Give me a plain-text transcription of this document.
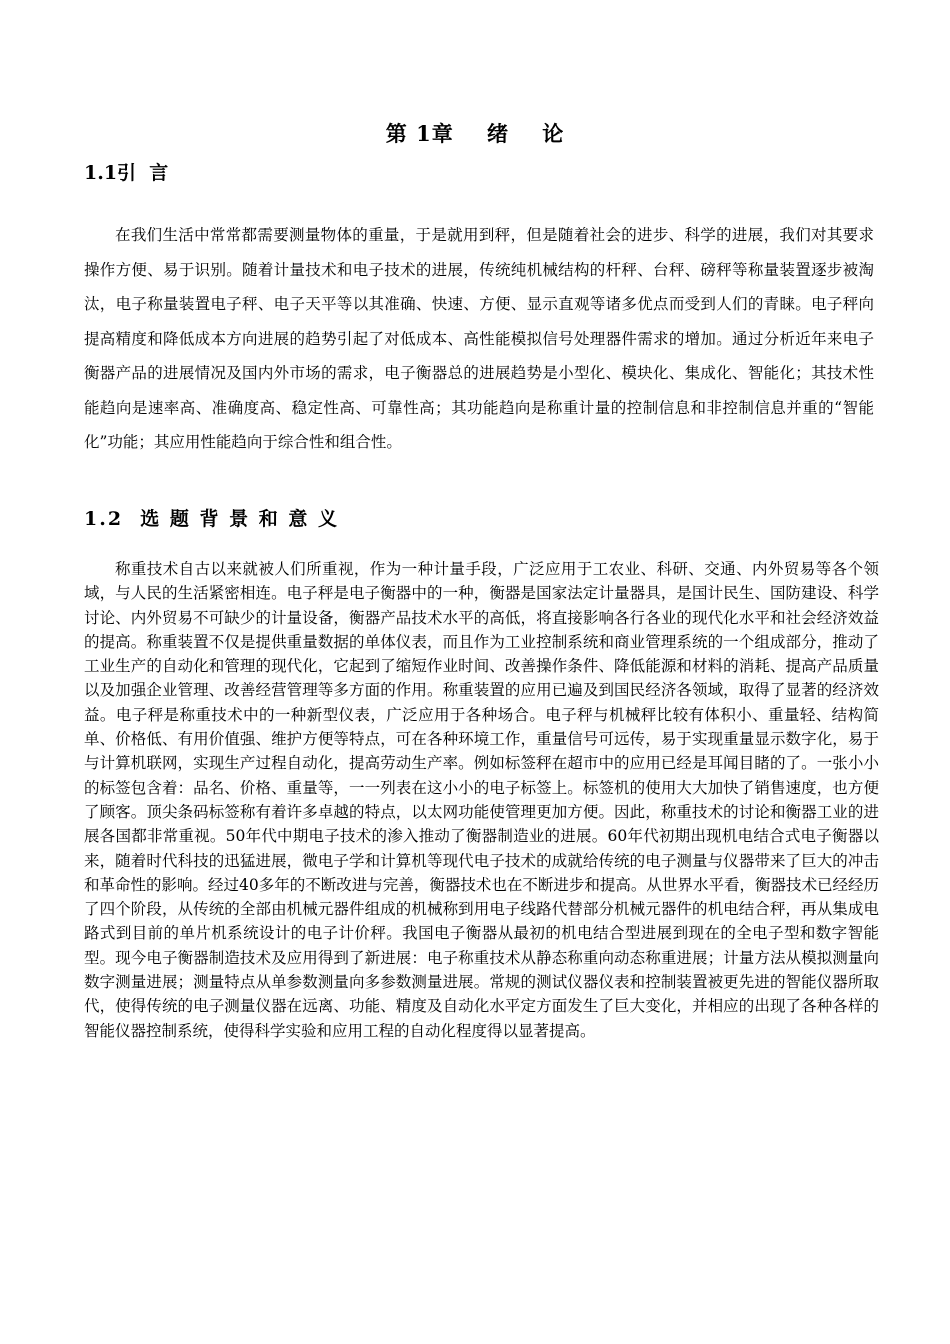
第 1章    绪    论
1.1引  言

在我们生活中常常都需要测量物体的重量，于是就用到秤，但是随着社会的进步、科学的进展，我们对其要求操作方便、易于识别。随着计量技术和电子技术的进展，传统纯机械结构的杆秤、台秤、磅秤等称量装置逐步被淘汰，电子称量装置电子秤、电子天平等以其准确、快速、方便、显示直观等诸多优点而受到人们的青睐。电子秤向提高精度和降低成本方向进展的趋势引起了对低成本、高性能模拟信号处理器件需求的增加。通过分析近年来电子衡器产品的进展情况及国内外市场的需求，电子衡器总的进展趋势是小型化、模块化、集成化、智能化；其技术性能趋向是速率高、准确度高、稳定性高、可靠性高；其功能趋向是称重计量的控制信息和非控制信息并重的“智能化”功能；其应用性能趋向于综合性和组合性。

1.2  选 题 背 景 和 意 义

称重技术自古以来就被人们所重视，作为一种计量手段，广泛应用于工农业、科研、交通、内外贸易等各个领域，与人民的生活紧密相连。电子秤是电子衡器中的一种，衡器是国家法定计量器具，是国计民生、国防建设、科学讨论、内外贸易不可缺少的计量设备，衡器产品技术水平的高低，将直接影响各行各业的现代化水平和社会经济效益的提高。称重装置不仅是提供重量数据的单体仪表，而且作为工业控制系统和商业管理系统的一个组成部分，推动了工业生产的自动化和管理的现代化，它起到了缩短作业时间、改善操作条件、降低能源和材料的消耗、提高产品质量以及加强企业管理、改善经营管理等多方面的作用。称重装置的应用已遍及到国民经济各领域，取得了显著的经济效益。电子秤是称重技术中的一种新型仪表，广泛应用于各种场合。电子秤与机械秤比较有体积小、重量轻、结构简单、价格低、有用价值强、维护方便等特点，可在各种环境工作，重量信号可远传，易于实现重量显示数字化，易于与计算机联网，实现生产过程自动化，提高劳动生产率。例如标签秤在超市中的应用已经是耳闻目睹的了。一张小小的标签包含着：品名、价格、重量等，一一列表在这小小的电子标签上。标签机的使用大大加快了销售速度，也方便了顾客。顶尖条码标签称有着许多卓越的特点，以太网功能使管理更加方便。因此，称重技术的讨论和衡器工业的进展各国都非常重视。50年代中期电子技术的渗入推动了衡器制造业的进展。60年代初期出现机电结合式电子衡器以来，随着时代科技的迅猛进展，微电子学和计算机等现代电子技术的成就给传统的电子测量与仪器带来了巨大的冲击和革命性的影响。经过40多年的不断改进与完善，衡器技术也在不断进步和提高。从世界水平看，衡器技术已经经历了四个阶段，从传统的全部由机械元器件组成的机械称到用电子线路代替部分机械元器件的机电结合秤，再从集成电路式到目前的单片机系统设计的电子计价秤。我国电子衡器从最初的机电结合型进展到现在的全电子型和数字智能型。现今电子衡器制造技术及应用得到了新进展：电子称重技术从静态称重向动态称重进展；计量方法从模拟测量向数字测量进展；测量特点从单参数测量向多参数测量进展。常规的测试仪器仪表和控制装置被更先进的智能仪器所取代，使得传统的电子测量仪器在远离、功能、精度及自动化水平定方面发生了巨大变化，并相应的出现了各种各样的智能仪器控制系统，使得科学实验和应用工程的自动化程度得以显著提高。
